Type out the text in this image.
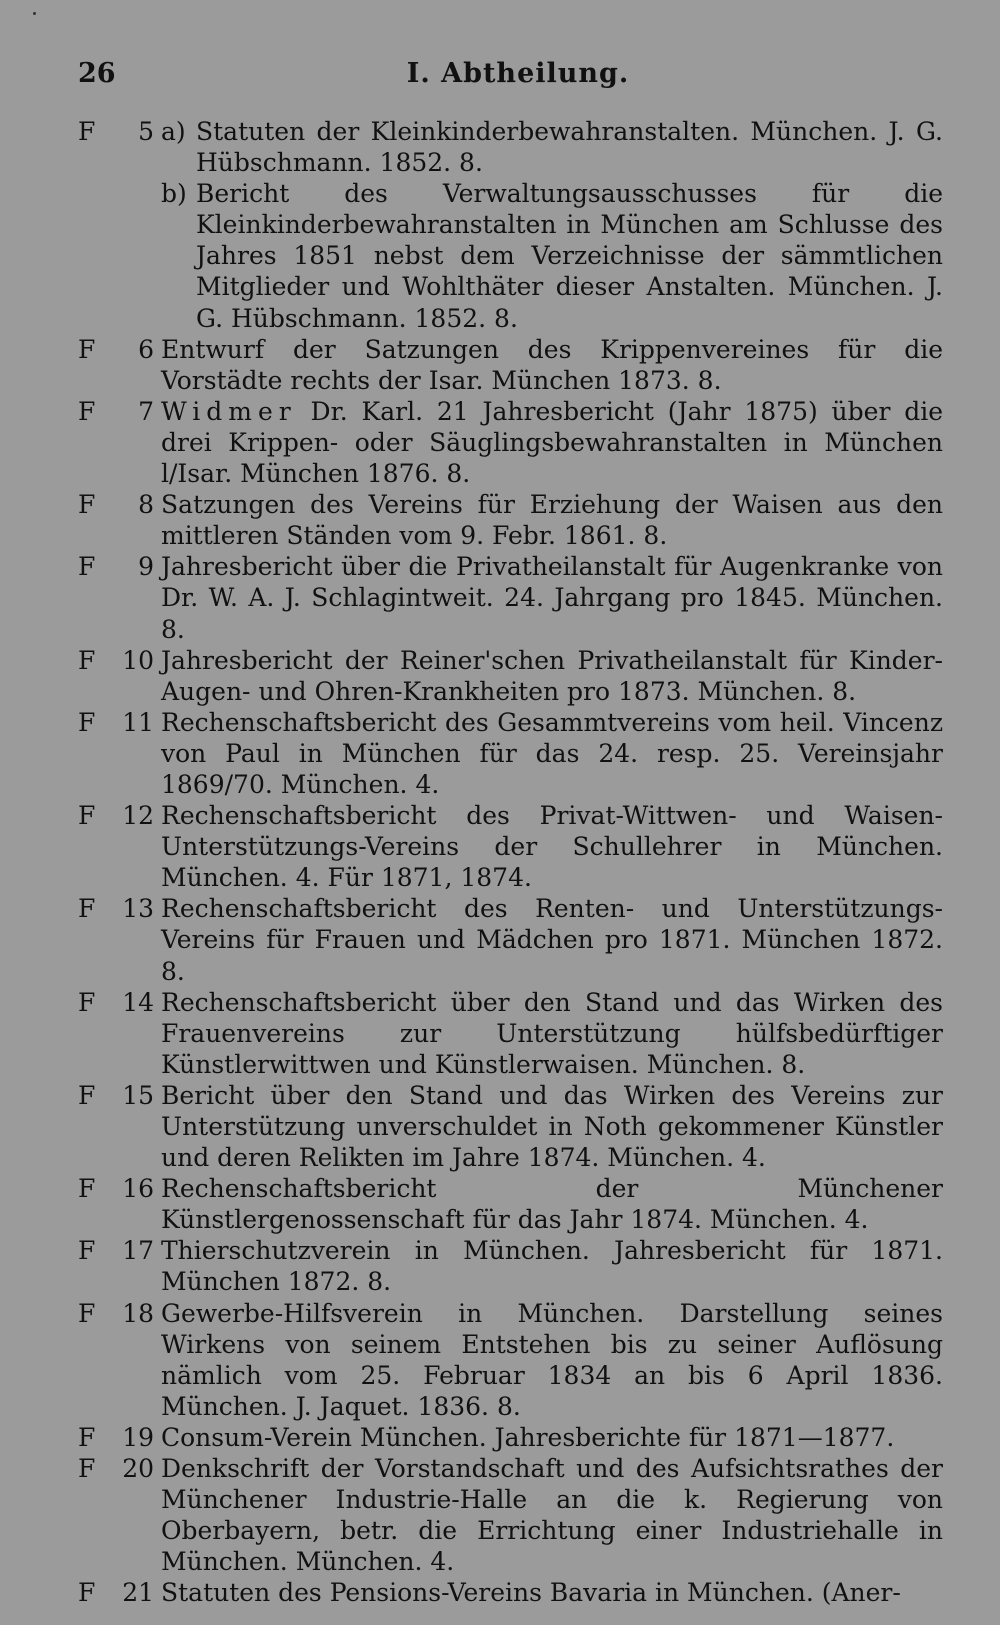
26	I. Abtheilung.
F 5 a) Statuten der Kleinkinderbewahranstalten. München. J. G. Hübschmann. 1852. 8.
b) Bericht des Verwaltungsausschusses für die Kleinkinderbewahranstalten in München am Schlusse des Jahres 1851 nebst dem Verzeichnisse der sämmtlichen Mitglieder und Wohlthäter dieser Anstalten. München. J. G. Hübschmann. 1852. 8.
F 6 Entwurf der Satzungen des Krippenvereines für die Vorstädte rechts der Isar. München 1873. 8.
F 7 Widmer Dr. Karl. 21 Jahresbericht (Jahr 1875) über die drei Krippen- oder Säuglingsbewahranstalten in München l/Isar. München 1876. 8.
F 8 Satzungen des Vereins für Erziehung der Waisen aus den mittleren Ständen vom 9. Febr. 1861. 8.
F 9 Jahresbericht über die Privatheilanstalt für Augenkranke von Dr. W. A. J. Schlagintweit. 24. Jahrgang pro 1845. München. 8.
F 10 Jahresbericht der Reiner'schen Privatheilanstalt für Kinder-Augen- und Ohren-Krankheiten pro 1873. München. 8.
F 11 Rechenschaftsbericht des Gesammtvereins vom heil. Vincenz von Paul in München für das 24. resp. 25. Vereinsjahr 1869/70. München. 4.
F 12 Rechenschaftsbericht des Privat-Wittwen- und Waisen-Unterstützungs-Vereins der Schullehrer in München. München. 4. Für 1871, 1874.
F 13 Rechenschaftsbericht des Renten- und Unterstützungs-Vereins für Frauen und Mädchen pro 1871. München 1872. 8.
F 14 Rechenschaftsbericht über den Stand und das Wirken des Frauenvereins zur Unterstützung hülfsbedürftiger Künstlerwittwen und Künstlerwaisen. München. 8.
F 15 Bericht über den Stand und das Wirken des Vereins zur Unterstützung unverschuldet in Noth gekommener Künstler und deren Relikten im Jahre 1874. München. 4.
F 16 Rechenschaftsbericht der Münchener Künstlergenossenschaft für das Jahr 1874. München. 4.
F 17 Thierschutzverein in München. Jahresbericht für 1871. München 1872. 8.
F 18 Gewerbe-Hilfsverein in München. Darstellung seines Wirkens von seinem Entstehen bis zu seiner Auflösung nämlich vom 25. Februar 1834 an bis 6 April 1836. München. J. Jaquet. 1836. 8.
F 19 Consum-Verein München. Jahresberichte für 1871—1877.
F 20 Denkschrift der Vorstandschaft und des Aufsichtsrathes der Münchener Industrie-Halle an die k. Regierung von Oberbayern, betr. die Errichtung einer Industriehalle in München. München. 4.
F 21 Statuten des Pensions-Vereins Bavaria in München. (Aner-
